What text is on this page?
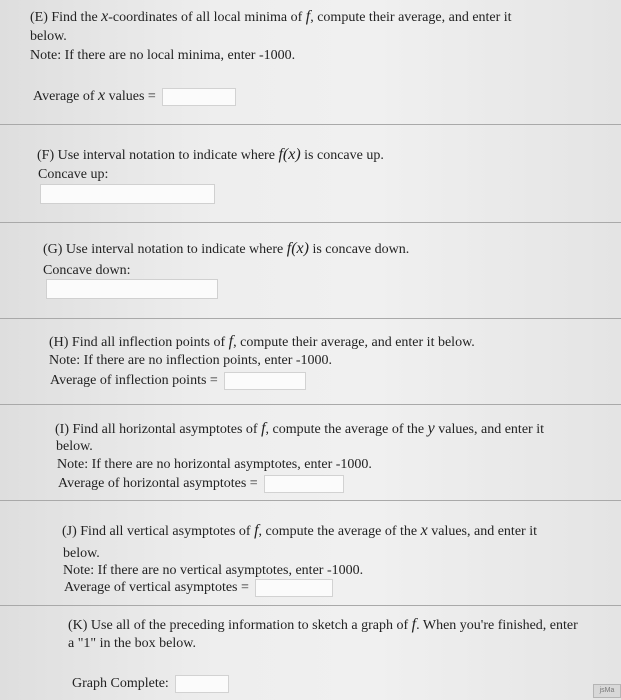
(E) Find the x-coordinates of all local minima of f, compute their average, and enter it
below.
Note: If there are no local minima, enter -1000.
Average of x values =
(F) Use interval notation to indicate where f(x) is concave up.
Concave up:
(G) Use interval notation to indicate where f(x) is concave down.
Concave down:
(H) Find all inflection points of f, compute their average, and enter it below.
Note: If there are no inflection points, enter -1000.
Average of inflection points =
(I) Find all horizontal asymptotes of f, compute the average of the y values, and enter it
below.
Note: If there are no horizontal asymptotes, enter -1000.
Average of horizontal asymptotes =
(J) Find all vertical asymptotes of f, compute the average of the x values, and enter it
below.
Note: If there are no vertical asymptotes, enter -1000.
Average of vertical asymptotes =
(K) Use all of the preceding information to sketch a graph of f. When you're finished, enter
a "1" in the box below.
Graph Complete:	jsMa
